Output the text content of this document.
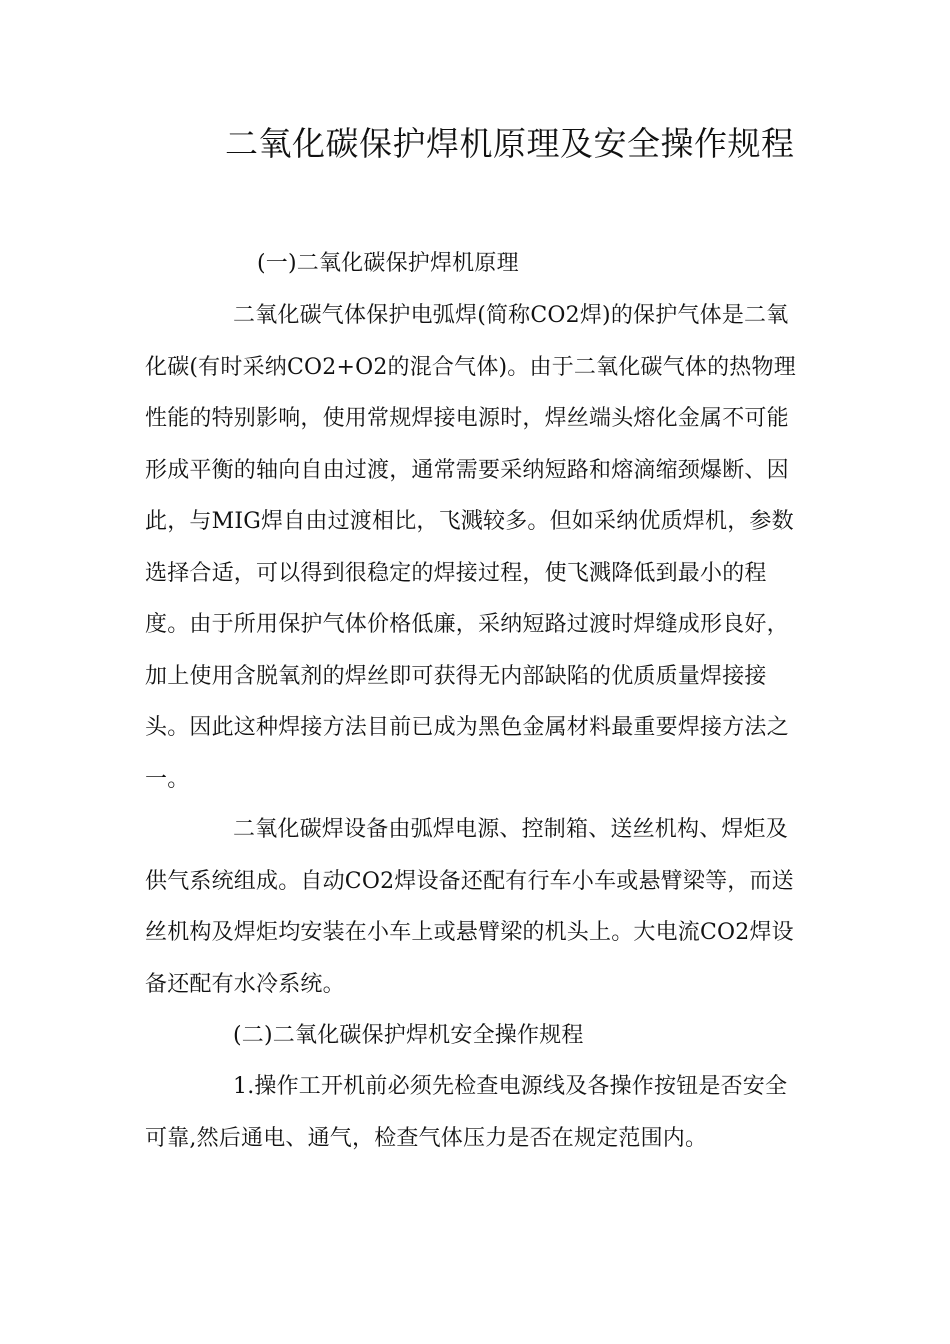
二氧化碳保护焊机原理及安全操作规程

(一)二氧化碳保护焊机原理

二氧化碳气体保护电弧焊(简称CO2焊)的保护气体是二氧化碳(有时采纳CO2+O2的混合气体)。由于二氧化碳气体的热物理性能的特别影响，使用常规焊接电源时，焊丝端头熔化金属不可能形成平衡的轴向自由过渡，通常需要采纳短路和熔滴缩颈爆断、因此，与MIG焊自由过渡相比，飞溅较多。但如采纳优质焊机，参数选择合适，可以得到很稳定的焊接过程，使飞溅降低到最小的程度。由于所用保护气体价格低廉，采纳短路过渡时焊缝成形良好，加上使用含脱氧剂的焊丝即可获得无内部缺陷的优质质量焊接接头。因此这种焊接方法目前已成为黑色金属材料最重要焊接方法之一。

二氧化碳焊设备由弧焊电源、控制箱、送丝机构、焊炬及供气系统组成。自动CO2焊设备还配有行车小车或悬臂梁等，而送丝机构及焊炬均安装在小车上或悬臂梁的机头上。大电流CO2焊设备还配有水冷系统。

(二)二氧化碳保护焊机安全操作规程

1.操作工开机前必须先检查电源线及各操作按钮是否安全可靠,然后通电、通气，检查气体压力是否在规定范围内。
